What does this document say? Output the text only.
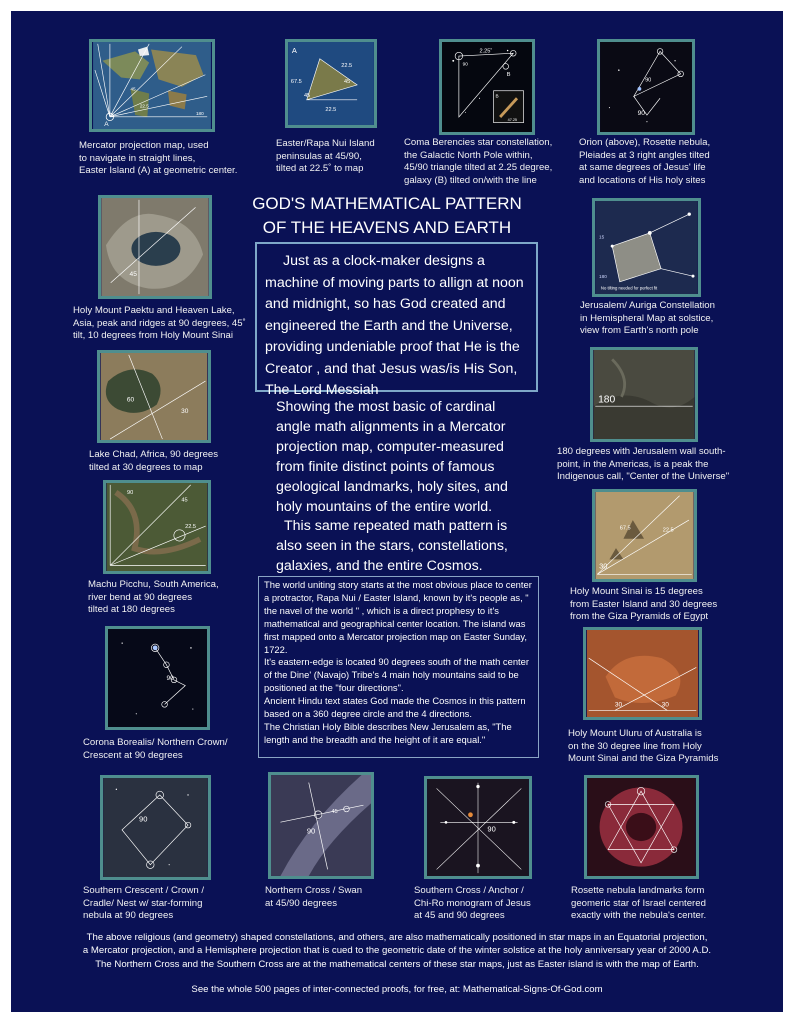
A
45
22.5
180
Mercator projection map, used
to navigate in straight lines,
Easter Island (A) at geometric center.
A
22.5
67.5	45
45
22.5
Easter/Rapa Nui Island
peninsulas at 45/90,
tilted at 22.5˚ to map
2.25˚
90
B
B
47.25
Coma Berencies star constellation,
the Galactic North Pole within,
45/90 triangle tilted at 2.25 degree,
galaxy (B) tilted on/with the line
90
90
Orion (above), Rosette nebula,
Pleiades at 3 right angles tilted
at same degrees of Jesus' life
and locations of His holy sites
45
Holy Mount Paektu and Heaven Lake,
Asia, peak and ridges at 90 degrees, 45˚
tilt, 10 degrees from Holy Mount Sinai
GOD'S MATHEMATICAL PATTERN
OF THE HEAVENS AND EARTH
Just as a clock-maker designs a machine of moving parts to allign at noon and midnight, so has God created and engineered the Earth and the Universe, providing undeniable proof that He is the Creator , and that Jesus was/is His Son, The Lord Messiah
15
180
No tilting needed for perfect fit
Jerusalem/ Auriga Constellation
in Hemispheral Map at solstice,
view from Earth's north pole
60
30
Lake Chad, Africa, 90 degrees
tilted at 30 degrees to map

Showing the most basic of cardinal angle math alignments in a Mercator projection map, computer-measured from finite distinct points of famous geological landmarks, holy sites, and holy mountains of the entire world.

This same repeated math pattern is also seen in the stars, constellations, galaxies, and the entire Cosmos.

180
180 degrees with Jerusalem wall south-
point, in the Americas, is a peak the
Indigenous call, "Center of the Universe"
90
45
22.5
Machu Picchu, South America,
river bend at 90 degrees
tilted at 180 degrees
67.5	22.5
30
Holy Mount Sinai is 15 degrees
from Easter Island and 30 degrees
from the Giza Pyramids of Egypt

The world uniting story starts at the most obvious place to center a protractor, Rapa Nui / Easter Island, known by it's people as, " the navel of the world " , which is a direct prophesy to it's mathematical and geographical center location. The island was first mapped onto a Mercator projection map on Easter Sunday, 1722.

It's eastern-edge is located 90 degrees south of the math center of the Dine' (Navajo) Tribe's 4 main holy mountains said to be positioned at the "four directions".

Ancient Hindu text states God made the Cosmos in this pattern based on a 360 degree circle and the 4 directions.

The Christian Holy Bible describes New Jerusalem as, "The length and the breadth and the height of it are equal."

90
Corona Borealis/ Northern Crown/
Crescent at 90 degrees
30	30
Holy Mount Uluru of Australia is
on the 30 degree line from Holy
Mount Sinai and the Giza Pyramids
90
Southern Crescent / Crown /
Cradle/ Nest w/ star-forming
nebula at 90 degrees
90
45
Northern Cross / Swan
at 45/90 degrees
90
Southern Cross / Anchor /
Chi-Ro monogram of Jesus
at 45 and 90 degrees
Rosette nebula landmarks form
geomeric star of Israel centered
exactly with the nebula's center.
The above religious (and geometry) shaped constellations, and others, are also mathematically positioned in star maps in an Equatorial projection,
a Mercator projection, and a Hemisphere projection that is cued to the geometric date of the winter solstice at the holy anniversary year of 2000 A.D.
The Northern Cross and the Southern Cross are at the mathematical centers of these star maps, just as Easter island is with the map of Earth.
See the whole 500 pages of inter-connected proofs, for free, at: Mathematical-Signs-Of-God.com
